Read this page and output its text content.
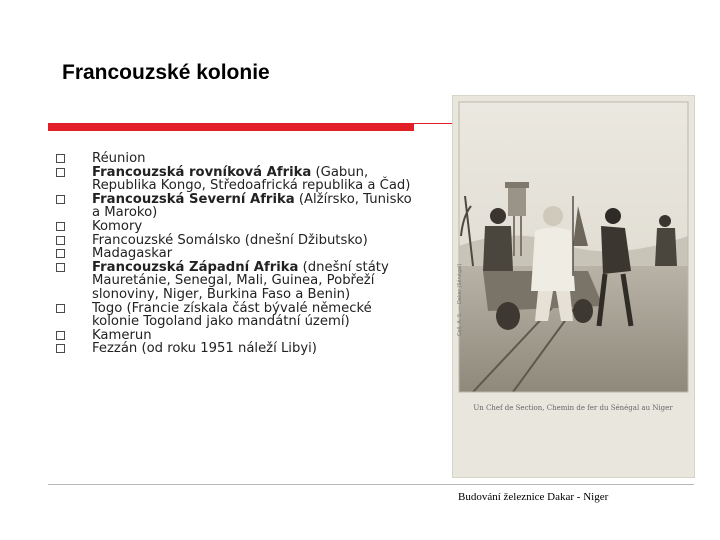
Francouzské kolonie
Réunion
Francouzská rovníková Afrika (Gabun, Republika Kongo, Středoafrická republika a Čad)
Francouzská Severní Afrika (Alžírsko, Tunisko a Maroko)
Komory
Francouzské Somálsko (dnešní Džibutsko)
Madagaskar
Francouzská Západní Afrika (dnešní státy Mauretánie, Senegal, Mali, Guinea, Pobřeží slonoviny, Niger, Burkina Faso a Benin)
Togo (Francie získala část bývalé německé kolonie Togoland jako mandátní území)
Kamerun
Fezzán (od roku 1951 náleží Libyi)
Un Chef de Section, Chemin de fer du Sénégal au Niger
Coll. A. S. — Dakar (Sénégal)
Budování železnice Dakar - Niger
